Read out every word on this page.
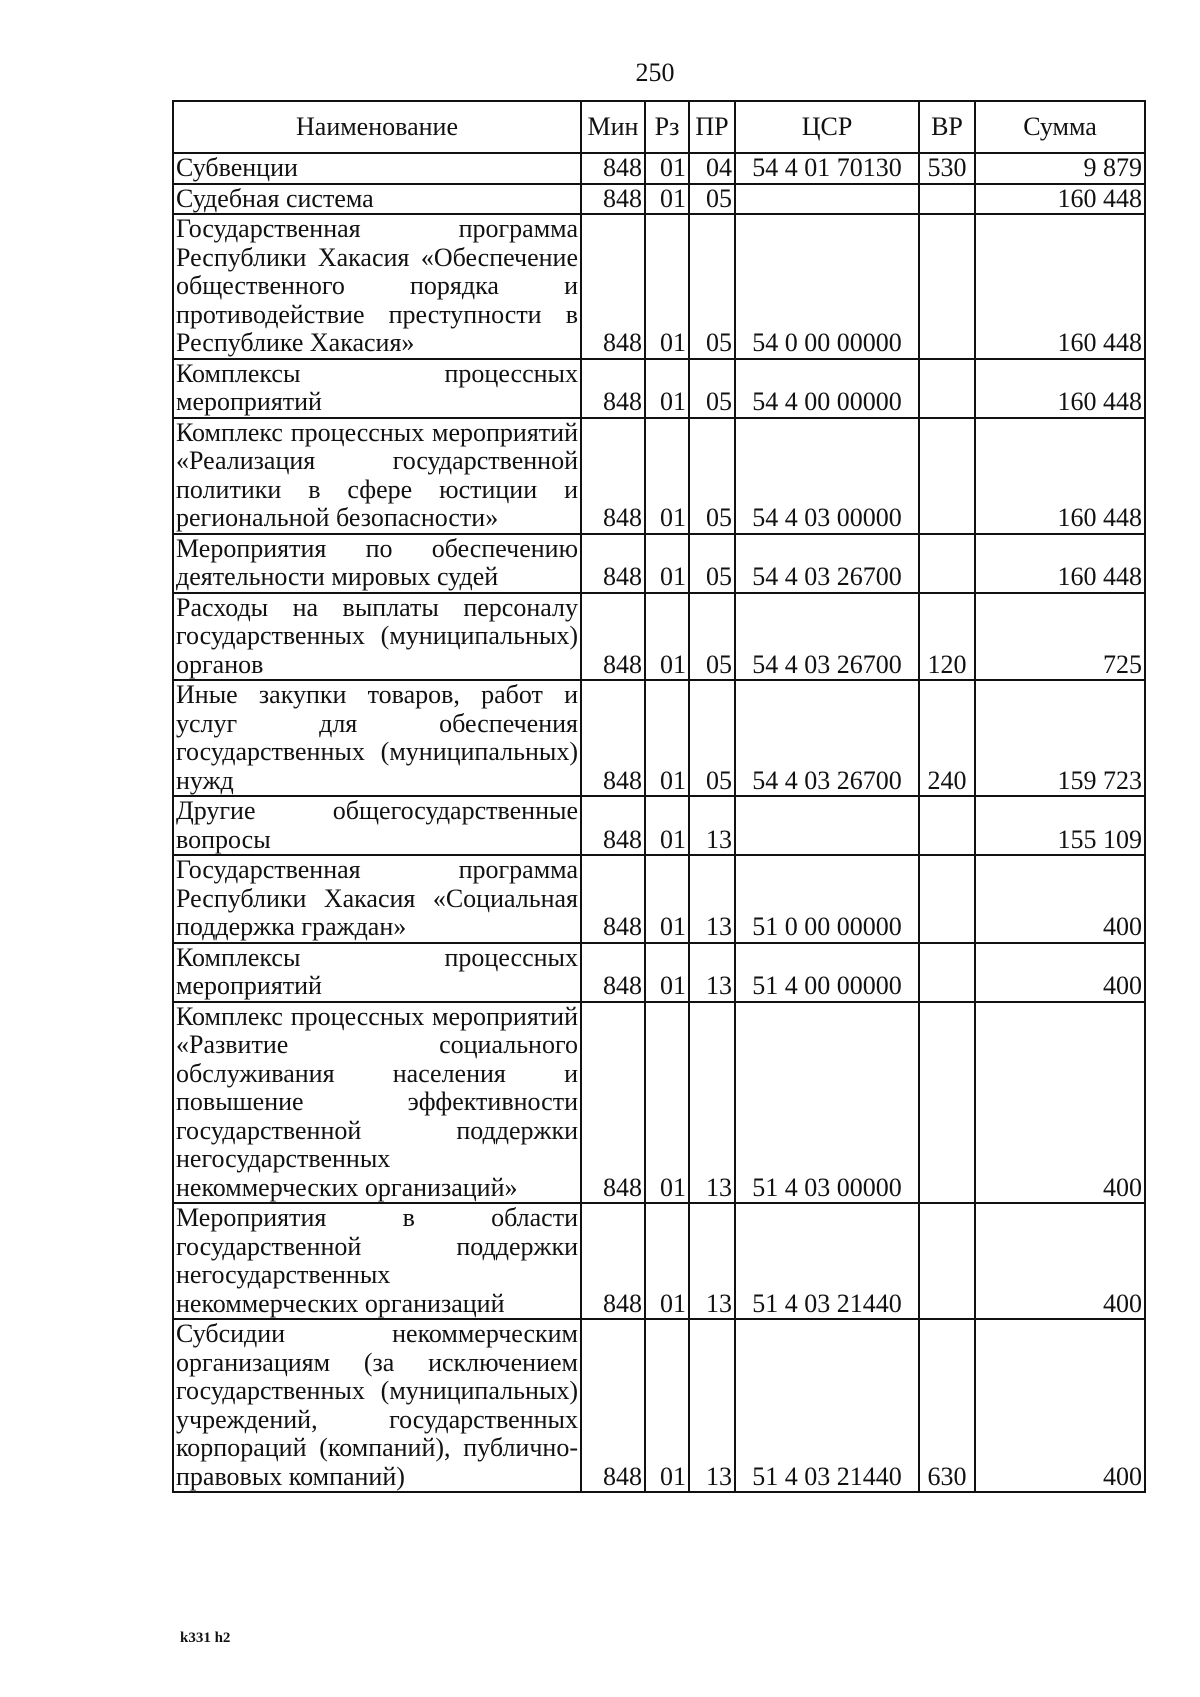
250
Наименование	Мин	Рз	ПР	ЦСР	ВР	Сумма
Субвенции	848	01	04	54 4 01 70130	530	9 879
Судебная система	848	01	05			160 448
Государственная программа Республики Хакасия «Обеспечение общественного порядка и противодействие преступности в Республике Хакасия»	848	01	05	54 0 00 00000		160 448
Комплексы процессных мероприятий	848	01	05	54 4 00 00000		160 448
Комплекс процессных мероприятий «Реализация государственной политики в сфере юстиции и региональной безопасности»	848	01	05	54 4 03 00000		160 448
Мероприятия по обеспечению деятельности мировых судей	848	01	05	54 4 03 26700		160 448
Расходы на выплаты персоналу государственных (муниципальных) органов	848	01	05	54 4 03 26700	120	725
Иные закупки товаров, работ и услуг для обеспечения государственных (муниципальных) нужд	848	01	05	54 4 03 26700	240	159 723
Другие общегосударственные вопросы	848	01	13			155 109
Государственная программа Республики Хакасия «Социальная поддержка граждан»	848	01	13	51 0 00 00000		400
Комплексы процессных мероприятий	848	01	13	51 4 00 00000		400
Комплекс процессных мероприятий «Развитие социального обслуживания населения и повышение эффективности государственной поддержки негосударственных некоммерческих организаций»	848	01	13	51 4 03 00000		400
Мероприятия в области государственной поддержки негосударственных некоммерческих организаций	848	01	13	51 4 03 21440		400
Субсидии некоммерческим организациям (за исключением государственных (муниципальных) учреждений, государственных корпораций (компаний), публично-правовых компаний)	848	01	13	51 4 03 21440	630	400
k331 h2
